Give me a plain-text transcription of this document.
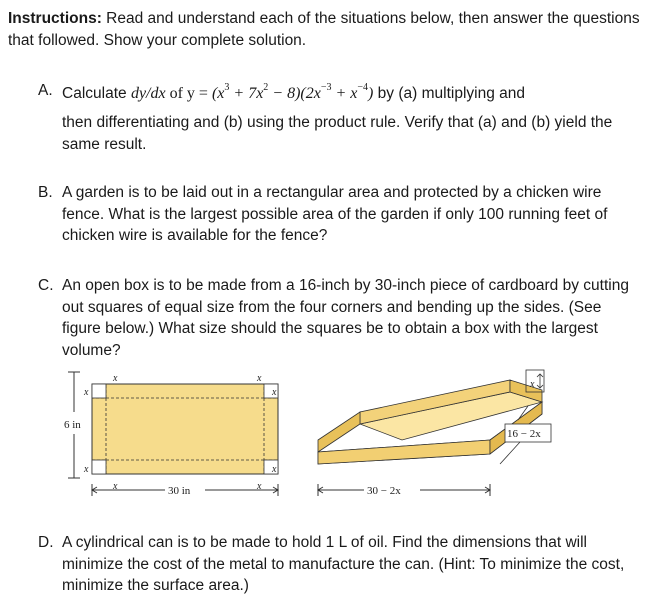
Instructions: Read and understand each of the situations below, then answer the questions that followed. Show your complete solution.
A. Calculate dy/dx of $y = (x^3 + 7x^2 - 8)(2x^{-3} + x^{-4})$ by (a) multiplying and
then differentiating and (b) using the product rule. Verify that (a) and (b) yield the same result.
B. A garden is to be laid out in a rectangular area and protected by a chicken wire fence. What is the largest possible area of the garden if only 100 running feet of chicken wire is available for the fence?
C. An open box is to be made from a 16-inch by 30-inch piece of cardboard by cutting out squares of equal size from the four corners and bending up the sides. (See figure below.) What size should the squares be to obtain a box with the largest volume?
x	x
x	x
x	x
x	x
6 in
30 in
x
16 − 2x
30 − 2x
D. A cylindrical can is to be made to hold 1 L of oil. Find the dimensions that will minimize the cost of the metal to manufacture the can. (Hint: To minimize the cost, minimize the surface area.)
